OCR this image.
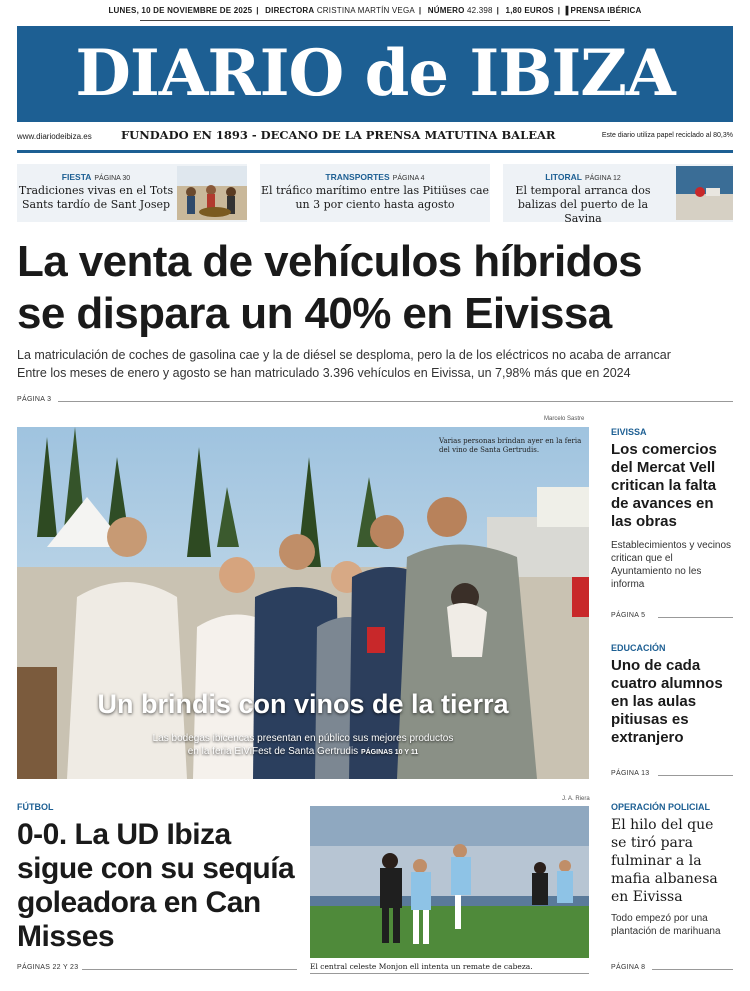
LUNES, 10 DE NOVIEMBRE DE 2025 | DIRECTORA CRISTINA MARTÍN VEGA | NÚMERO 42.398 | 1,80 EUROS | ▐ PRENSA IBÉRICA
DIARIO de IBIZA
www.diariodeibiza.es	FUNDADO EN 1893 - DECANO DE LA PRENSA MATUTINA BALEAR	Este diario utiliza papel reciclado al 80,3%
FIESTA PÁGINA 30
Tradiciones vivas en el Tots Sants tardío de Sant Josep
TRANSPORTES PÁGINA 4
El tráfico marítimo entre las Pitiüses cae un 3 por ciento hasta agosto
LITORAL PÁGINA 12
El temporal arranca dos balizas del puerto de la Savina
La venta de vehículos híbridos
se dispara un 40% en Eivissa
La matriculación de coches de gasolina cae y la de diésel se desploma, pero la de los eléctricos no acaba de arrancar
Entre los meses de enero y agosto se han matriculado 3.396 vehículos en Eivissa, un 7,98% más que en 2024
PÁGINA 3
Marcelo Sastre
Varias personas brindan ayer en la feria del vino de Santa Gertrudis.
Un brindis con vinos de la tierra
Las bodegas ibicencas presentan en público sus mejores productos
en la feria EiViFest de Santa Gertrudis PÁGINAS 10 Y 11
EIVISSA
Los comercios del Mercat Vell critican la falta de avances en las obras
Establecimientos y vecinos critican que el Ayuntamiento no les informa
PÁGINA 5
EDUCACIÓN
Uno de cada cuatro alumnos en las aulas pitiusas es extranjero
PÁGINA 13
OPERACIÓN POLICIAL
El hilo del que se tiró para fulminar a la mafia albanesa en Eivissa
Todo empezó por una plantación de marihuana
PÁGINA 8
FÚTBOL
0-0. La UD Ibiza sigue con su sequía goleadora en Can Misses
PÁGINAS 22 Y 23
J. A. Riera
El central celeste Monjon ell intenta un remate de cabeza.
